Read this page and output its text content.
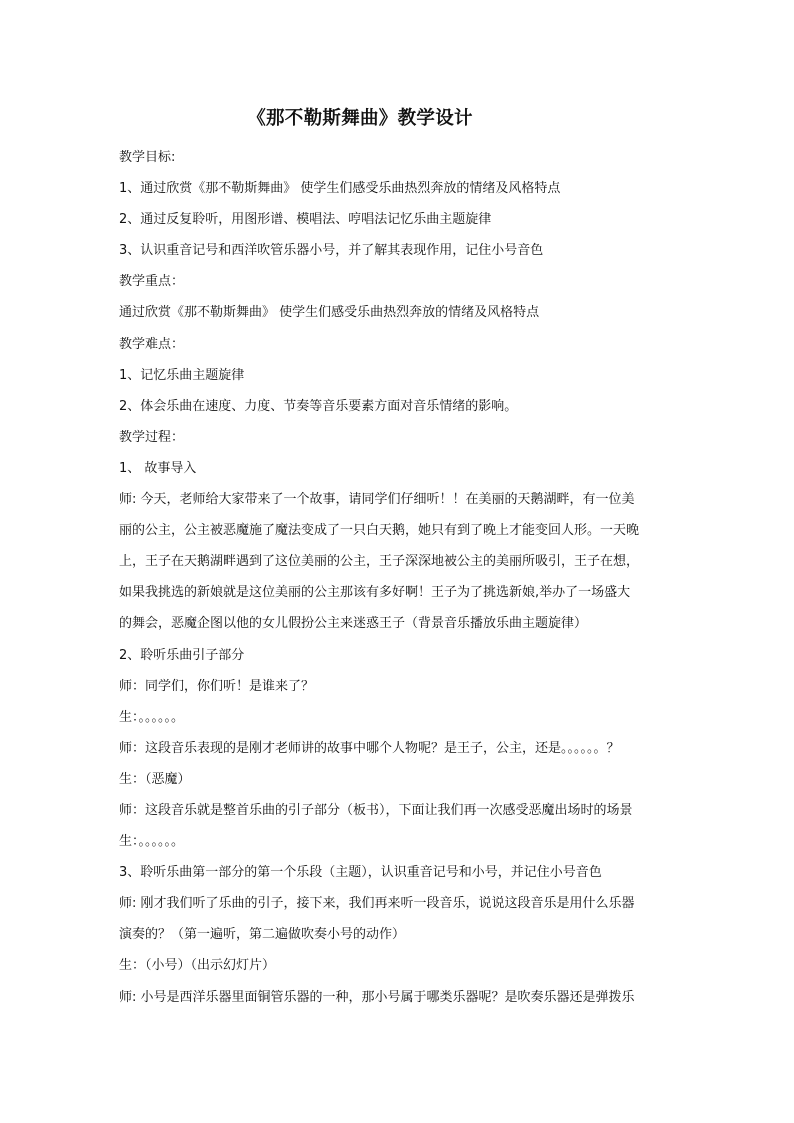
《那不勒斯舞曲》教学设计
教学目标:
1、通过欣赏《那不勒斯舞曲》 使学生们感受乐曲热烈奔放的情绪及风格特点
2、通过反复聆听，用图形谱、模唱法、哼唱法记忆乐曲主题旋律
3、认识重音记号和西洋吹管乐器小号，并了解其表现作用，记住小号音色
教学重点：
通过欣赏《那不勒斯舞曲》 使学生们感受乐曲热烈奔放的情绪及风格特点
教学难点：
1、记忆乐曲主题旋律
2、体会乐曲在速度、力度、节奏等音乐要素方面对音乐情绪的影响。
教学过程：
1、 故事导入
师: 今天，老师给大家带来了一个故事，请同学们仔细听！！在美丽的天鹅湖畔，有一位美
丽的公主，公主被恶魔施了魔法变成了一只白天鹅，她只有到了晚上才能变回人形。一天晚
上，王子在天鹅湖畔遇到了这位美丽的公主，王子深深地被公主的美丽所吸引，王子在想，
如果我挑选的新娘就是这位美丽的公主那该有多好啊！王子为了挑选新娘,举办了一场盛大
的舞会，恶魔企图以他的女儿假扮公主来迷惑王子（背景音乐播放乐曲主题旋律）
2、聆听乐曲引子部分
师：同学们，你们听！是谁来了？
生：。。。。。。
师：这段音乐表现的是刚才老师讲的故事中哪个人物呢？是王子，公主，还是。。。。。。？
生：（恶魔）
师：这段音乐就是整首乐曲的引子部分（板书），下面让我们再一次感受恶魔出场时的场景
生：。。。。。。
3、聆听乐曲第一部分的第一个乐段（主题），认识重音记号和小号，并记住小号音色
师: 刚才我们听了乐曲的引子，接下来，我们再来听一段音乐，说说这段音乐是用什么乐器
演奏的？（第一遍听，第二遍做吹奏小号的动作）
生：（小号）（出示幻灯片）
师: 小号是西洋乐器里面铜管乐器的一种，那小号属于哪类乐器呢？是吹奏乐器还是弹拨乐
